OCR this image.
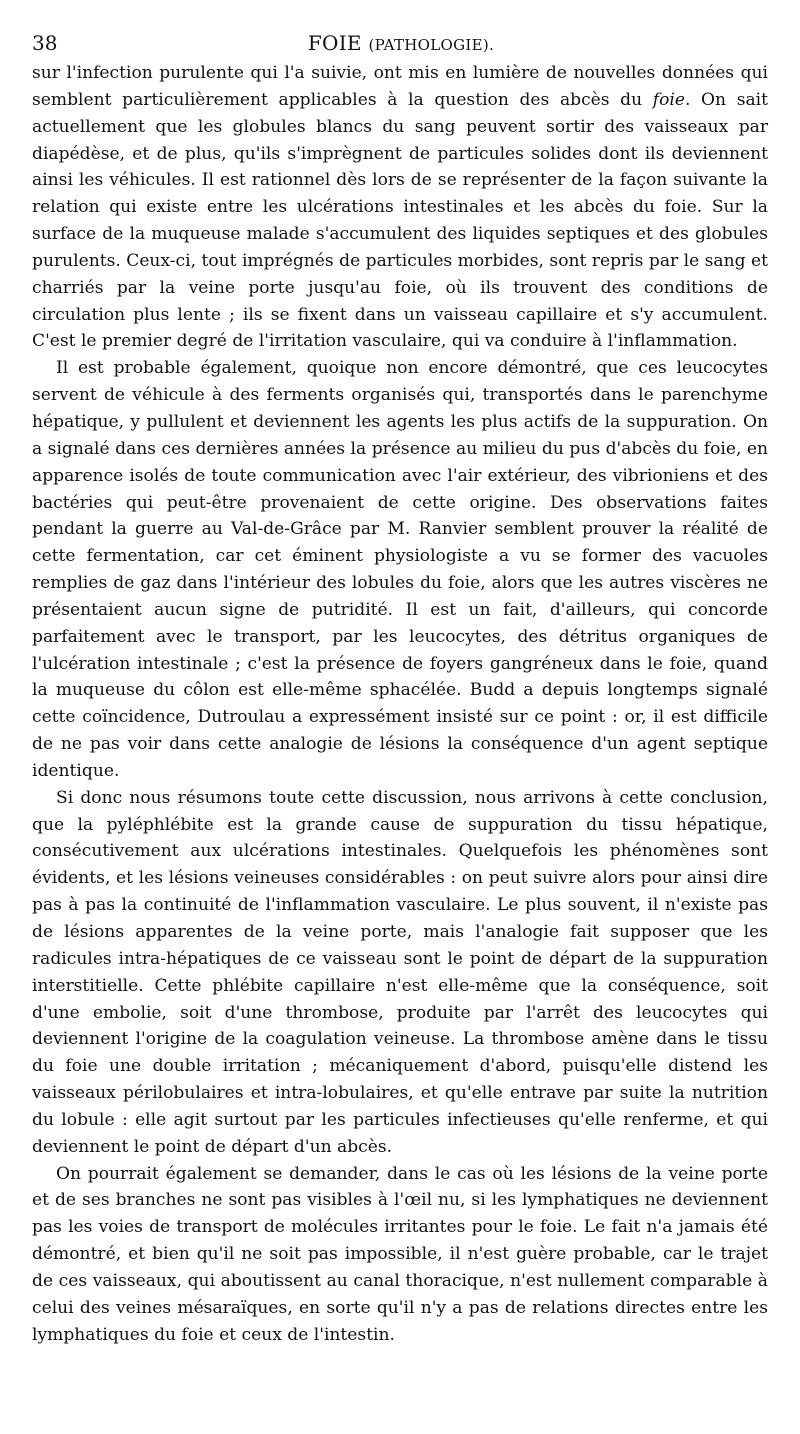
38	FOIE (PATHOLOGIE).

sur l'infection purulente qui l'a suivie, ont mis en lumière de nouvelles données qui semblent particulièrement applicables à la question des abcès du foie. On sait actuellement que les globules blancs du sang peuvent sortir des vaisseaux par diapédèse, et de plus, qu'ils s'imprègnent de particules solides dont ils deviennent ainsi les véhicules. Il est rationnel dès lors de se représenter de la façon suivante la relation qui existe entre les ulcérations intestinales et les abcès du foie. Sur la surface de la muqueuse malade s'accumulent des liquides septiques et des globules purulents. Ceux-ci, tout imprégnés de particules morbides, sont repris par le sang et charriés par la veine porte jusqu'au foie, où ils trouvent des conditions de circulation plus lente ; ils se fixent dans un vaisseau capillaire et s'y accumulent. C'est le premier degré de l'irritation vasculaire, qui va conduire à l'inflammation.

Il est probable également, quoique non encore démontré, que ces leucocytes servent de véhicule à des ferments organisés qui, transportés dans le parenchyme hépatique, y pullulent et deviennent les agents les plus actifs de la suppuration. On a signalé dans ces dernières années la présence au milieu du pus d'abcès du foie, en apparence isolés de toute communication avec l'air extérieur, des vibrioniens et des bactéries qui peut-être provenaient de cette origine. Des observations faites pendant la guerre au Val-de-Grâce par M. Ranvier semblent prouver la réalité de cette fermentation, car cet éminent physiologiste a vu se former des vacuoles remplies de gaz dans l'intérieur des lobules du foie, alors que les autres viscères ne présentaient aucun signe de putridité. Il est un fait, d'ailleurs, qui concorde parfaitement avec le transport, par les leucocytes, des détritus organiques de l'ulcération intestinale ; c'est la présence de foyers gangréneux dans le foie, quand la muqueuse du côlon est elle-même sphacélée. Budd a depuis longtemps signalé cette coïncidence, Dutroulau a expressément insisté sur ce point : or, il est difficile de ne pas voir dans cette analogie de lésions la conséquence d'un agent septique identique.

Si donc nous résumons toute cette discussion, nous arrivons à cette conclusion, que la pyléphlébite est la grande cause de suppuration du tissu hépatique, consécutivement aux ulcérations intestinales. Quelquefois les phénomènes sont évidents, et les lésions veineuses considérables : on peut suivre alors pour ainsi dire pas à pas la continuité de l'inflammation vasculaire. Le plus souvent, il n'existe pas de lésions apparentes de la veine porte, mais l'analogie fait supposer que les radicules intra-hépatiques de ce vaisseau sont le point de départ de la suppuration interstitielle. Cette phlébite capillaire n'est elle-même que la conséquence, soit d'une embolie, soit d'une thrombose, produite par l'arrêt des leucocytes qui deviennent l'origine de la coagulation veineuse. La thrombose amène dans le tissu du foie une double irritation ; mécaniquement d'abord, puisqu'elle distend les vaisseaux périlobulaires et intra-lobulaires, et qu'elle entrave par suite la nutrition du lobule : elle agit surtout par les particules infectieuses qu'elle renferme, et qui deviennent le point de départ d'un abcès.

On pourrait également se demander, dans le cas où les lésions de la veine porte et de ses branches ne sont pas visibles à l'œil nu, si les lymphatiques ne deviennent pas les voies de transport de molécules irritantes pour le foie. Le fait n'a jamais été démontré, et bien qu'il ne soit pas impossible, il n'est guère probable, car le trajet de ces vaisseaux, qui aboutissent au canal thoracique, n'est nullement comparable à celui des veines mésaraïques, en sorte qu'il n'y a pas de relations directes entre les lymphatiques du foie et ceux de l'intestin.
